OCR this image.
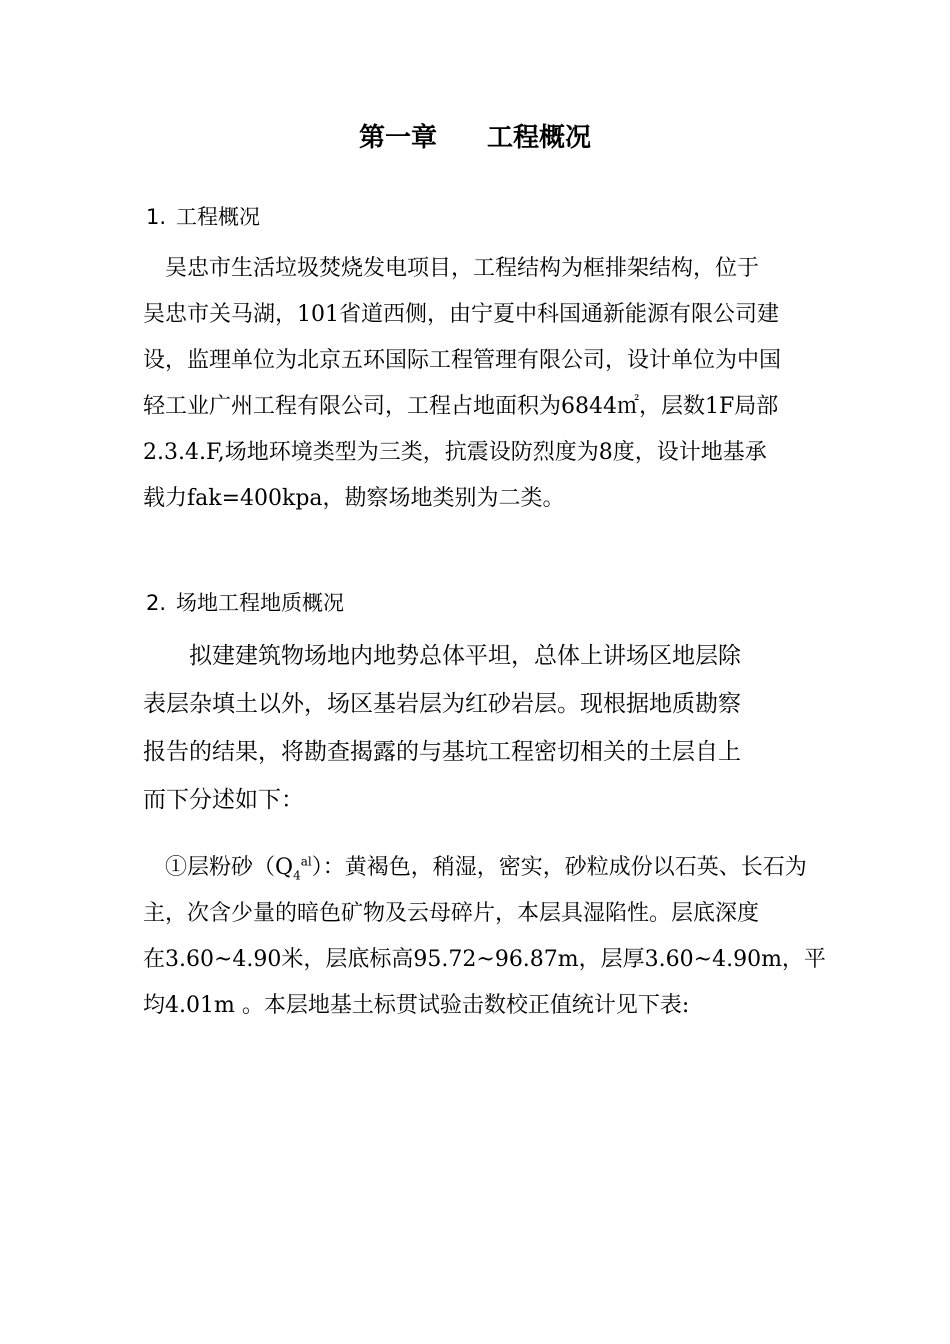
第一章 工程概况
1. 工程概况
　吴忠市生活垃圾焚烧发电项目，工程结构为框排架结构，位于
吴忠市关马湖，101省道西侧，由宁夏中科国通新能源有限公司建
设，监理单位为北京五环国际工程管理有限公司，设计单位为中国
轻工业广州工程有限公司，工程占地面积为6844㎡，层数1F局部
2.3.4.F,场地环境类型为三类，抗震设防烈度为8度，设计地基承
载力fak=400kpa，勘察场地类别为二类。
2. 场地工程地质概况
　　拟建建筑物场地内地势总体平坦，总体上讲场区地层除
表层杂填土以外，场区基岩层为红砂岩层。现根据地质勘察
报告的结果，将勘查揭露的与基坑工程密切相关的土层自上
而下分述如下：
　①层粉砂$(Q_4^{al})$：黄褐色，稍湿，密实，砂粒成份以石英、长石为
主，次含少量的暗色矿物及云母碎片，本层具湿陷性。层底深度
在3.60~4.90米，层底标高95.72~96.87m，层厚3.60~4.90m，平
均4.01m 。本层地基土标贯试验击数校正值统计见下表:
